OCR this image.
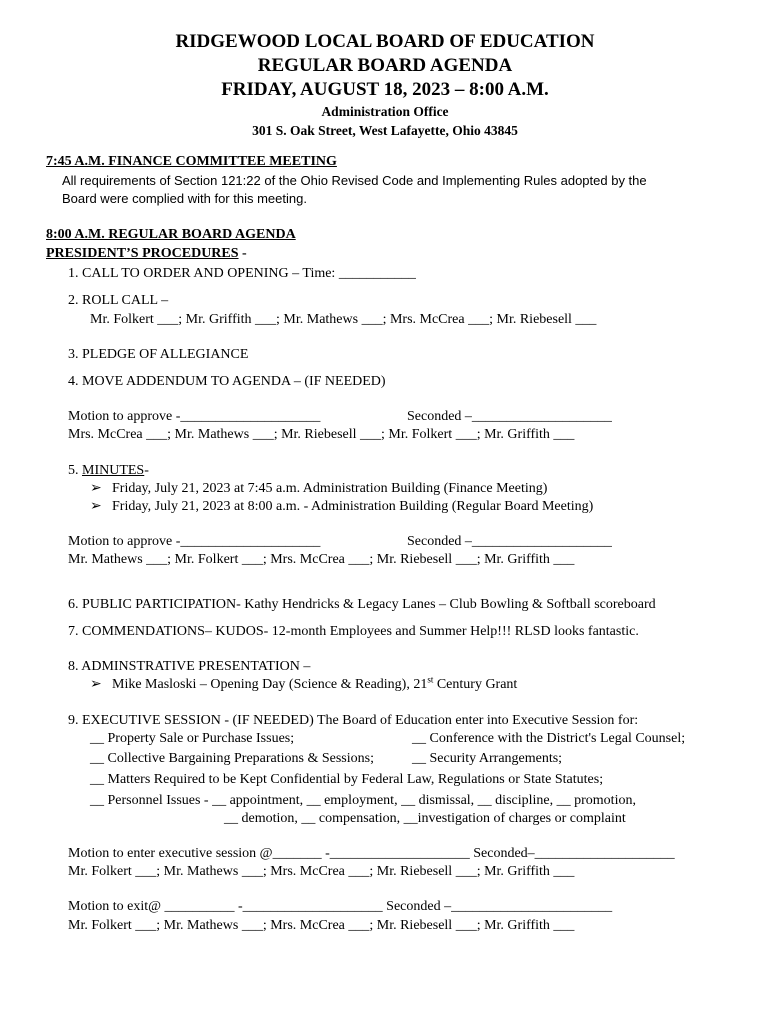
RIDGEWOOD LOCAL BOARD OF EDUCATION
REGULAR BOARD AGENDA
FRIDAY, AUGUST 18, 2023 – 8:00 A.M.
Administration Office
301 S. Oak Street, West Lafayette, Ohio 43845
7:45 A.M. FINANCE COMMITTEE MEETING
All requirements of Section 121:22 of the Ohio Revised Code and Implementing Rules adopted by the
Board were complied with for this meeting.
8:00 A.M. REGULAR BOARD AGENDA
PRESIDENT’S PROCEDURES -
1. CALL TO ORDER AND OPENING – Time: ___________
2. ROLL CALL –
Mr. Folkert ___; Mr. Griffith ___; Mr. Mathews ___; Mrs. McCrea ___; Mr. Riebesell ___
3. PLEDGE OF ALLEGIANCE
4. MOVE ADDENDUM TO AGENDA – (IF NEEDED)
Motion to approve -____________________	Seconded –____________________
Mrs. McCrea ___; Mr. Mathews ___; Mr. Riebesell ___; Mr. Folkert ___; Mr. Griffith ___
5. MINUTES-
➢ Friday, July 21, 2023 at 7:45 a.m. Administration Building (Finance Meeting)
➢ Friday, July 21, 2023 at 8:00 a.m. - Administration Building (Regular Board Meeting)
Motion to approve -____________________	Seconded –____________________
Mr. Mathews ___; Mr. Folkert ___; Mrs. McCrea ___; Mr. Riebesell ___; Mr. Griffith ___
6. PUBLIC PARTICIPATION- Kathy Hendricks & Legacy Lanes – Club Bowling & Softball scoreboard
7. COMMENDATIONS– KUDOS- 12-month Employees and Summer Help!!! RLSD looks fantastic.
8. ADMINSTRATIVE PRESENTATION –
➢ Mike Masloski – Opening Day (Science & Reading), 21st Century Grant
9. EXECUTIVE SESSION - (IF NEEDED) The Board of Education enter into Executive Session for:
__ Property Sale or Purchase Issues;	__ Conference with the District's Legal Counsel;
__ Collective Bargaining Preparations & Sessions;	__ Security Arrangements;
__ Matters Required to be Kept Confidential by Federal Law, Regulations or State Statutes;
__ Personnel Issues - __ appointment, __ employment, __ dismissal, __ discipline, __ promotion,
__ demotion, __ compensation, __investigation of charges or complaint
Motion to enter executive session @_______ -____________________ Seconded–____________________
Mr. Folkert ___; Mr. Mathews ___; Mrs. McCrea ___; Mr. Riebesell ___; Mr. Griffith ___
Motion to exit@ __________ -____________________ Seconded –_______________________
Mr. Folkert ___; Mr. Mathews ___; Mrs. McCrea ___; Mr. Riebesell ___; Mr. Griffith ___
